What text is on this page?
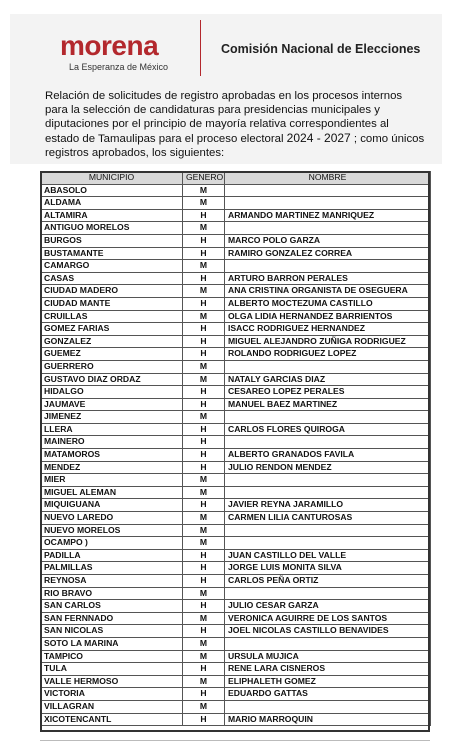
morena
La Esperanza de México
Comisión Nacional de Elecciones
Relación de solicitudes de registro aprobadas en los procesos internos para la selección de candidaturas para presidencias municipales y diputaciones por el principio de mayoría relativa correspondientes al estado de Tamaulipas para el proceso electoral 2024 - 2027 ; como únicos registros aprobados, los siguientes:
MUNICIPIO	GENERO	NOMBRE
ABASOLO	M	
ALDAMA	M	
ALTAMIRA	H	ARMANDO MARTINEZ MANRIQUEZ
ANTIGUO MORELOS	M	
BURGOS	H	MARCO POLO GARZA
BUSTAMANTE	H	RAMIRO GONZALEZ CORREA
CAMARGO	M	
CASAS	H	ARTURO BARRON PERALES
CIUDAD MADERO	M	ANA CRISTINA ORGANISTA DE OSEGUERA
CIUDAD MANTE	H	ALBERTO MOCTEZUMA CASTILLO
CRUILLAS	M	OLGA LIDIA HERNANDEZ BARRIENTOS
GOMEZ FARIAS	H	ISACC RODRIGUEZ HERNANDEZ
GONZALEZ	H	MIGUEL ALEJANDRO ZUÑIGA RODRIGUEZ
GUEMEZ	H	ROLANDO RODRIGUEZ LOPEZ
GUERRERO	M	
GUSTAVO DIAZ ORDAZ	M	NATALY GARCIAS DIAZ
HIDALGO	H	CESAREO LOPEZ PERALES
JAUMAVE	H	MANUEL BAEZ MARTINEZ
JIMENEZ	M	
LLERA	H	CARLOS FLORES QUIROGA
MAINERO	H	
MATAMOROS	H	ALBERTO GRANADOS FAVILA
MENDEZ	H	JULIO RENDON MENDEZ
MIER	M	
MIGUEL ALEMAN	M	
MIQUIGUANA	H	JAVIER REYNA JARAMILLO
NUEVO LAREDO	M	CARMEN LILIA CANTUROSAS
NUEVO MORELOS	M	
OCAMPO )	M	
PADILLA	H	JUAN CASTILLO DEL VALLE
PALMILLAS	H	JORGE LUIS MONITA SILVA
REYNOSA	H	CARLOS PEÑA ORTIZ
RIO BRAVO	M	
SAN CARLOS	H	JULIO CESAR GARZA
SAN FERNNADO	M	VERONICA AGUIRRE DE LOS SANTOS
SAN NICOLAS	H	JOEL NICOLAS CASTILLO BENAVIDES
SOTO LA MARINA	M	
TAMPICO	M	URSULA MUJICA
TULA	H	RENE LARA CISNEROS
VALLE HERMOSO	M	ELIPHALETH GOMEZ
VICTORIA	H	EDUARDO GATTAS
VILLAGRAN	M	
XICOTENCANTL	H	MARIO MARROQUIN
